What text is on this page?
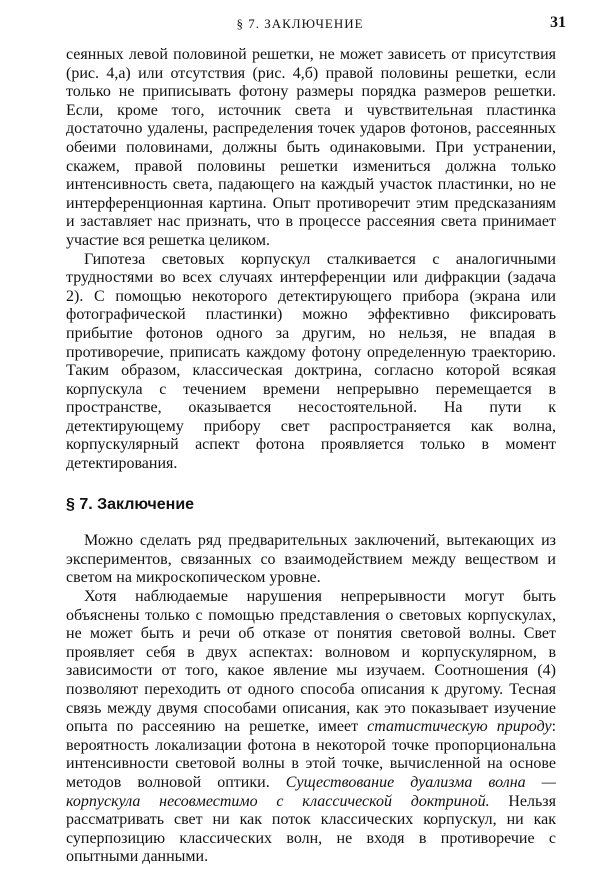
§ 7. ЗАКЛЮЧЕНИЕ	31

сеянных левой половиной решетки, не может зависеть от присутствия (рис. 4,а) или отсутствия (рис. 4,б) правой половины решетки, если только не приписывать фотону размеры порядка размеров решетки. Если, кроме того, источник света и чувствительная пластинка достаточно удалены, распределения точек ударов фотонов, рассеянных обеими половинами, должны быть одинаковыми. При устранении, скажем, правой половины решетки измениться должна только интенсивность света, падающего на каждый участок пластинки, но не интерференционная картина. Опыт противоречит этим предсказаниям и заставляет нас признать, что в процессе рассеяния света принимает участие вся решетка целиком.

Гипотеза световых корпускул сталкивается с аналогичными трудностями во всех случаях интерференции или дифракции (задача 2). С помощью некоторого детектирующего прибора (экрана или фотографической пластинки) можно эффективно фиксировать прибытие фотонов одного за другим, но нельзя, не впадая в противоречие, приписать каждому фотону определенную траекторию. Таким образом, классическая доктрина, согласно которой всякая корпускула с течением времени непрерывно перемещается в пространстве, оказывается несостоятельной. На пути к детектирующему прибору свет распространяется как волна, корпускулярный аспект фотона проявляется только в момент детектирования.

§ 7. Заключение

Можно сделать ряд предварительных заключений, вытекающих из экспериментов, связанных со взаимодействием между веществом и светом на микроскопическом уровне.

Хотя наблюдаемые нарушения непрерывности могут быть объяснены только с помощью представления о световых корпускулах, не может быть и речи об отказе от понятия световой волны. Свет проявляет себя в двух аспектах: волновом и корпускулярном, в зависимости от того, какое явление мы изучаем. Соотношения (4) позволяют переходить от одного способа описания к другому. Тесная связь между двумя способами описания, как это показывает изучение опыта по рассеянию на решетке, имеет статистическую природу: вероятность локализации фотона в некоторой точке пропорциональна интенсивности световой волны в этой точке, вычисленной на основе методов волновой оптики. Существование дуализма волна — корпускула несовместимо с классической доктриной. Нельзя рассматривать свет ни как поток классических корпускул, ни как суперпозицию классических волн, не входя в противоречие с опытными данными.
